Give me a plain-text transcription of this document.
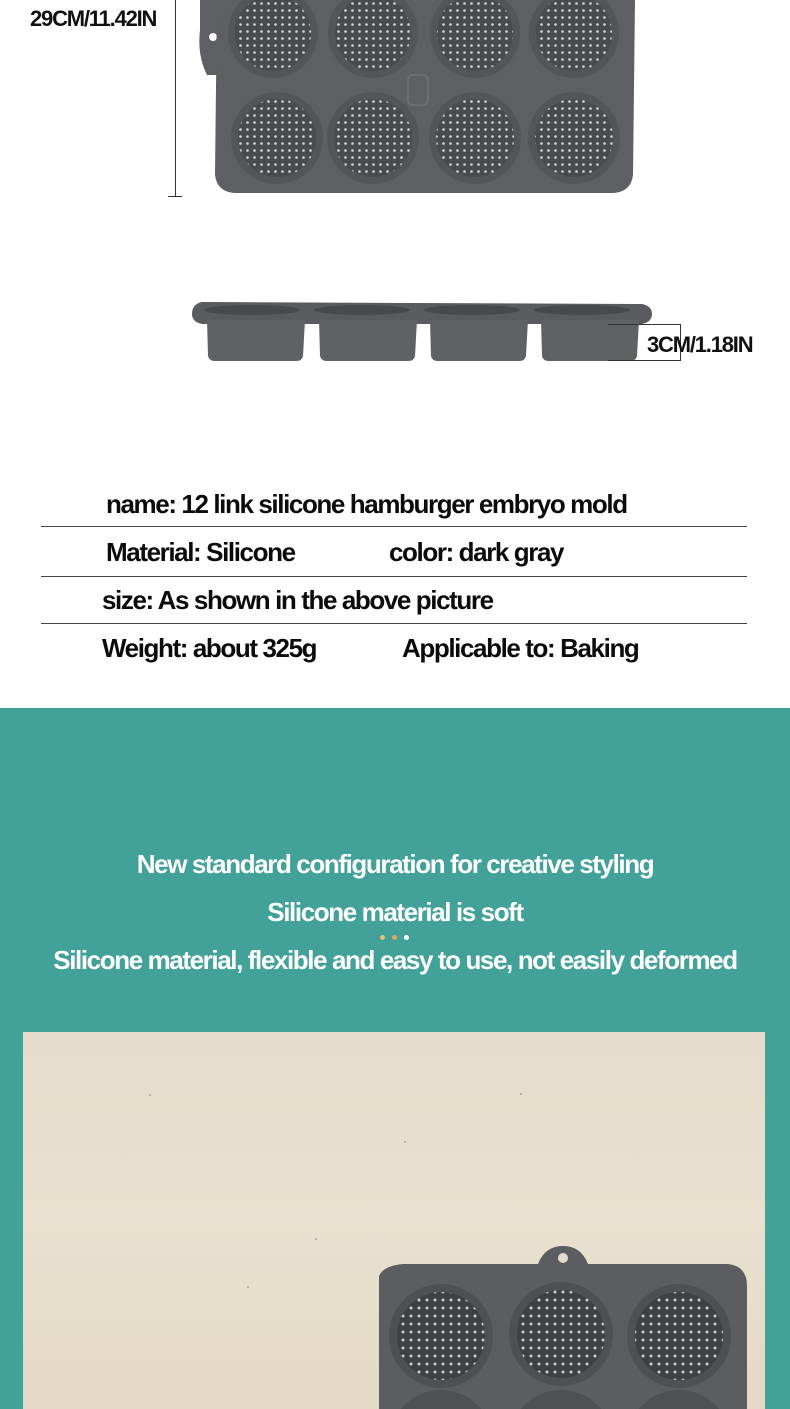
29CM/11.42IN
3CM/1.18IN
name: 12 link silicone hamburger embryo mold
Material: Silicone	color: dark gray
size: As shown in the above picture
Weight: about 325g	Applicable to: Baking
New standard configuration for creative styling
Silicone material is soft
Silicone material, flexible and easy to use, not easily deformed
